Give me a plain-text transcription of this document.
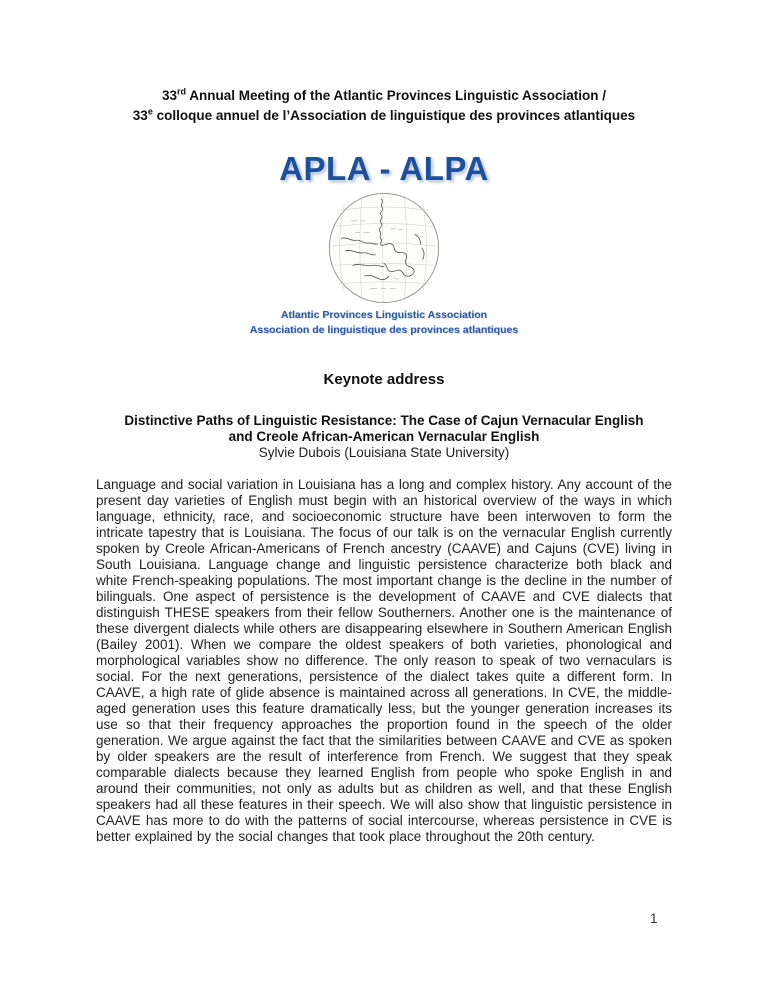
33rd Annual Meeting of the Atlantic Provinces Linguistic Association /
33e colloque annuel de l’Association de linguistique des provinces atlantiques
APLA - ALPA
Atlantic Provinces Linguistic Association
Association de linguistique des provinces atlantiques
Keynote address
Distinctive Paths of Linguistic Resistance: The Case of Cajun Vernacular English
and Creole African-American Vernacular English
Sylvie Dubois (Louisiana State University)
Language and social variation in Louisiana has a long and complex history. Any account of the present day varieties of English must begin with an historical overview of the ways in which language, ethnicity, race, and socioeconomic structure have been interwoven to form the intricate tapestry that is Louisiana. The focus of our talk is on the vernacular English currently spoken by Creole African-Americans of French ancestry (CAAVE) and Cajuns (CVE) living in South Louisiana. Language change and linguistic persistence characterize both black and white French-speaking populations. The most important change is the decline in the number of bilinguals. One aspect of persistence is the development of CAAVE and CVE dialects that distinguish THESE speakers from their fellow Southerners. Another one is the maintenance of these divergent dialects while others are disappearing elsewhere in Southern American English (Bailey 2001). When we compare the oldest speakers of both varieties, phonological and morphological variables show no difference. The only reason to speak of two vernaculars is social. For the next generations, persistence of the dialect takes quite a different form. In CAAVE, a high rate of glide absence is maintained across all generations. In CVE, the middle-aged generation uses this feature dramatically less, but the younger generation increases its use so that their frequency approaches the proportion found in the speech of the older generation. We argue against the fact that the similarities between CAAVE and CVE as spoken by older speakers are the result of interference from French. We suggest that they speak comparable dialects because they learned English from people who spoke English in and around their communities, not only as adults but as children as well, and that these English speakers had all these features in their speech. We will also show that linguistic persistence in CAAVE has more to do with the patterns of social intercourse, whereas persistence in CVE is better explained by the social changes that took place throughout the 20th century.
1
